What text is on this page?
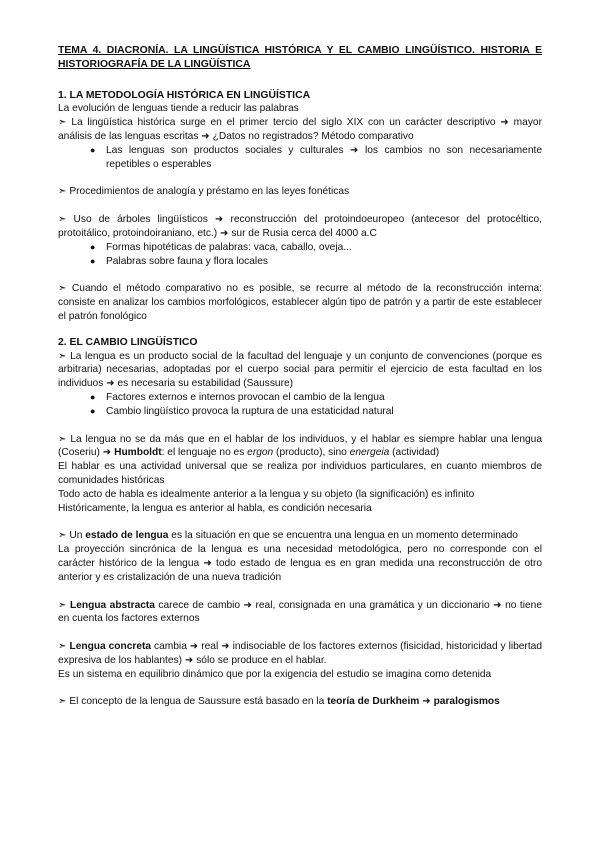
TEMA 4. DIACRONÍA. LA LINGÜÍSTICA HISTÓRICA Y EL CAMBIO LINGÜÍSTICO. HISTORIA E HISTORIOGRAFÍA DE LA LINGÜÍSTICA

1. LA METODOLOGÍA HISTÓRICA EN LINGÜÍSTICA

La evolución de lenguas tiende a reducir las palabras

➣ La lingüística histórica surge en el primer tercio del siglo XIX con un carácter descriptivo ➜ mayor análisis de las lenguas escritas ➜ ¿Datos no registrados? Método comparativo

● Las lenguas son productos sociales y culturales ➜ los cambios no son necesariamente repetibles o esperables

➣ Procedimientos de analogía y préstamo en las leyes fonéticas

➣ Uso de árboles lingüísticos ➜ reconstrucción del protoindoeuropeo (antecesor del protocéltico, protoitálico, protoindoiraniano, etc.) ➜ sur de Rusia cerca del 4000 a.C

● Formas hipotéticas de palabras: vaca, caballo, oveja...
● Palabras sobre fauna y flora locales

➣ Cuando el método comparativo no es posible, se recurre al método de la reconstrucción interna: consiste en analizar los cambios morfológicos, establecer algún tipo de patrón y a partir de este establecer el patrón fonológico

2. EL CAMBIO LINGÜÍSTICO

➣ La lengua es un producto social de la facultad del lenguaje y un conjunto de convenciones (porque es arbitraria) necesarias, adoptadas por el cuerpo social para permitir el ejercicio de esta facultad en los individuos ➜ es necesaria su estabilidad (Saussure)

● Factores externos e internos provocan el cambio de la lengua
● Cambio lingüístico provoca la ruptura de una estaticidad natural

➣ La lengua no se da más que en el hablar de los individuos, y el hablar es siempre hablar una lengua (Coseriu) ➜ Humboldt: el lenguaje no es ergon (producto), sino energeia (actividad)

El hablar es una actividad universal que se realiza por individuos particulares, en cuanto miembros de comunidades históricas

Todo acto de habla es idealmente anterior a la lengua y su objeto (la significación) es infinito

Históricamente, la lengua es anterior al habla, es condición necesaria

➣ Un estado de lengua es la situación en que se encuentra una lengua en un momento determinado

La proyección sincrónica de la lengua es una necesidad metodológica, pero no corresponde con el carácter histórico de la lengua ➜ todo estado de lengua es en gran medida una reconstrucción de otro anterior y es cristalización de una nueva tradición

➣ Lengua abstracta carece de cambio ➜ real, consignada en una gramática y un diccionario ➜ no tiene en cuenta los factores externos

➣ Lengua concreta cambia ➜ real ➜ indisociable de los factores externos (fisicidad, historicidad y libertad expresiva de los hablantes) ➜ sólo se produce en el hablar.

Es un sistema en equilibrio dinámico que por la exigencia del estudio se imagina como detenida

➣ El concepto de la lengua de Saussure está basado en la teoría de Durkheim ➜ paralogismos
